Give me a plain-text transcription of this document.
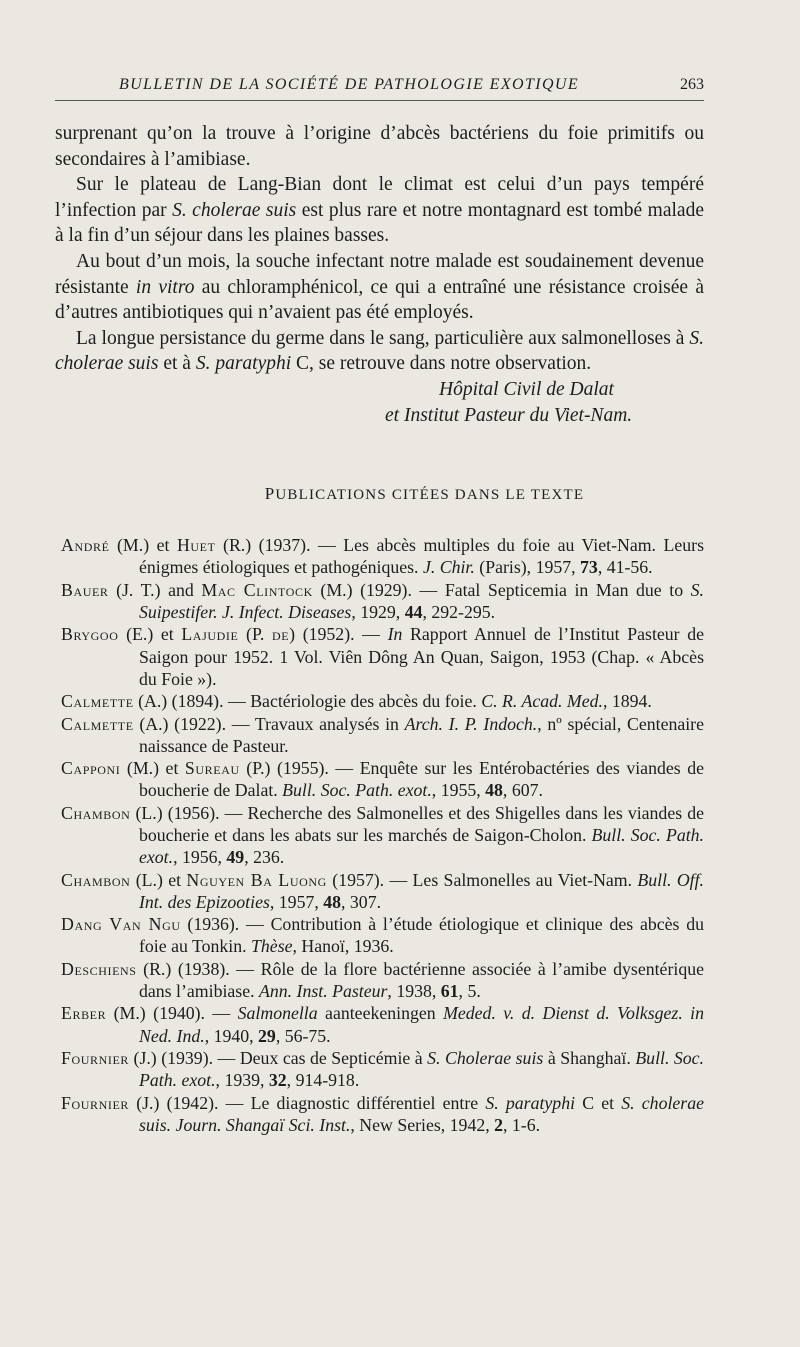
BULLETIN DE LA SOCIÉTÉ DE PATHOLOGIE EXOTIQUE	263

surprenant qu’on la trouve à l’origine d’abcès bactériens du foie primitifs ou secondaires à l’amibiase.

Sur le plateau de Lang-Bian dont le climat est celui d’un pays tempéré l’infection par S. cholerae suis est plus rare et notre montagnard est tombé malade à la fin d’un séjour dans les plaines basses.

Au bout d’un mois, la souche infectant notre malade est soudainement devenue résistante in vitro au chloramphénicol, ce qui a entraîné une résistance croisée à d’autres antibiotiques qui n’avaient pas été employés.

La longue persistance du germe dans le sang, particulière aux salmonelloses à S. cholerae suis et à S. paratyphi C, se retrouve dans notre observation.

Hôpital Civil de Dalat
et Institut Pasteur du Viet-Nam.
PUBLICATIONS CITÉES DANS LE TEXTE

André (M.) et Huet (R.) (1937). — Les abcès multiples du foie au Viet-Nam. Leurs énigmes étiologiques et pathogéniques. J. Chir. (Paris), 1957, 73, 41-56.

Bauer (J. T.) and Mac Clintock (M.) (1929). — Fatal Septicemia in Man due to S. Suipestifer. J. Infect. Diseases, 1929, 44, 292-295.

Brygoo (E.) et Lajudie (P. de) (1952). — In Rapport Annuel de l’Institut Pasteur de Saigon pour 1952. 1 Vol. Viên Dông An Quan, Saigon, 1953 (Chap. « Abcès du Foie »).

Calmette (A.) (1894). — Bactériologie des abcès du foie. C. R. Acad. Med., 1894.

Calmette (A.) (1922). — Travaux analysés in Arch. I. P. Indoch., nº spécial, Centenaire naissance de Pasteur.

Capponi (M.) et Sureau (P.) (1955). — Enquête sur les Entérobactéries des viandes de boucherie de Dalat. Bull. Soc. Path. exot., 1955, 48, 607.

Chambon (L.) (1956). — Recherche des Salmonelles et des Shigelles dans les viandes de boucherie et dans les abats sur les marchés de Saigon-Cholon. Bull. Soc. Path. exot., 1956, 49, 236.

Chambon (L.) et Nguyen Ba Luong (1957). — Les Salmonelles au Viet-Nam. Bull. Off. Int. des Epizooties, 1957, 48, 307.

Dang Van Ngu (1936). — Contribution à l’étude étiologique et clinique des abcès du foie au Tonkin. Thèse, Hanoï, 1936.

Deschiens (R.) (1938). — Rôle de la flore bactérienne associée à l’amibe dysentérique dans l’amibiase. Ann. Inst. Pasteur, 1938, 61, 5.

Erber (M.) (1940). — Salmonella aanteekeningen Meded. v. d. Dienst d. Volksgez. in Ned. Ind., 1940, 29, 56-75.

Fournier (J.) (1939). — Deux cas de Septicémie à S. Cholerae suis à Shanghaï. Bull. Soc. Path. exot., 1939, 32, 914-918.

Fournier (J.) (1942). — Le diagnostic différentiel entre S. paratyphi C et S. cholerae suis. Journ. Shangaï Sci. Inst., New Series, 1942, 2, 1-6.
